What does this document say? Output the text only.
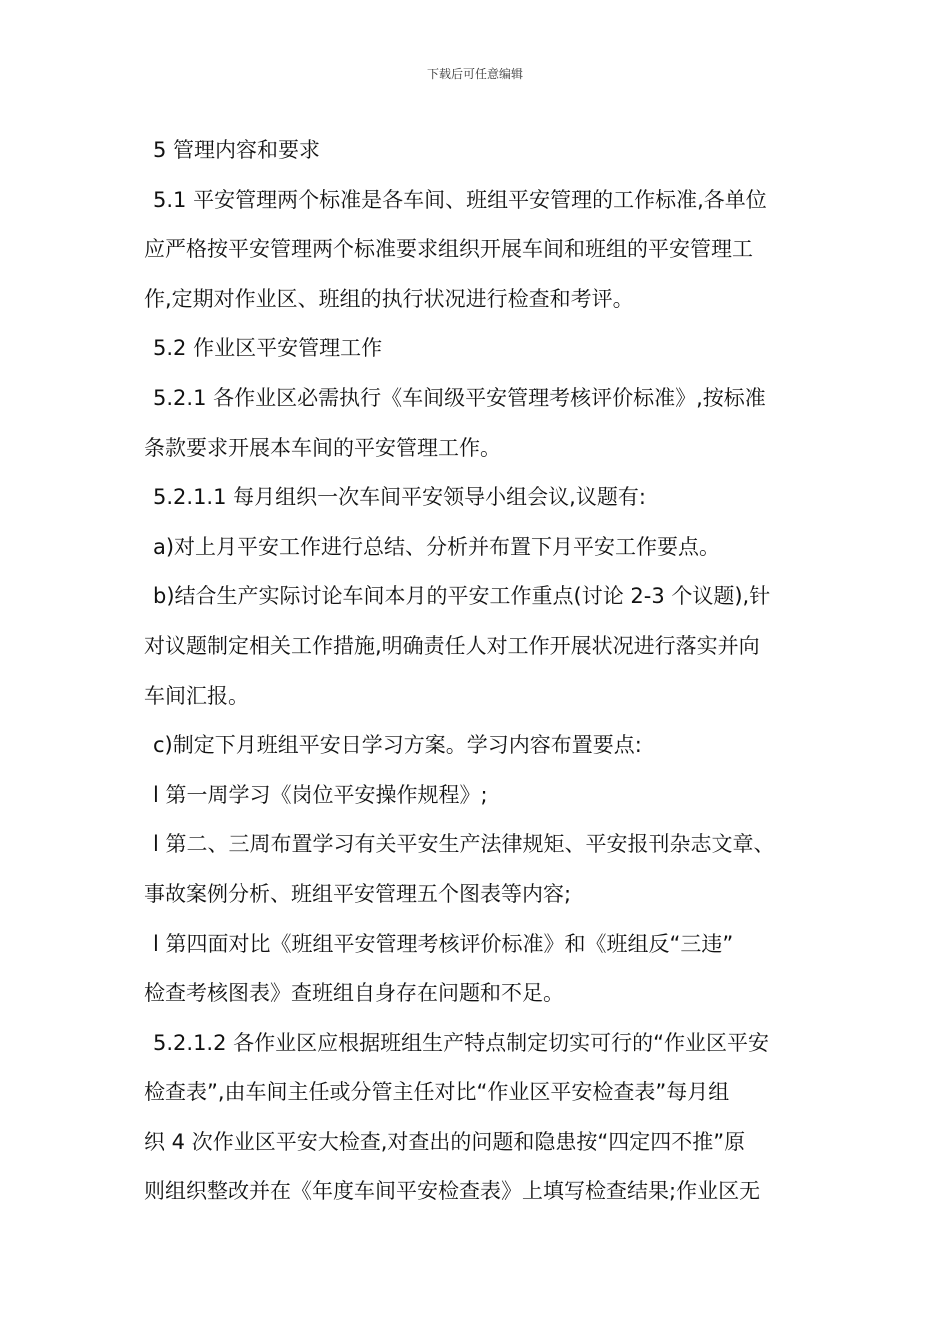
下载后可任意编辑
5 管理内容和要求
5.1 平安管理两个标准是各车间、班组平安管理的工作标准,各单位
应严格按平安管理两个标准要求组织开展车间和班组的平安管理工
作,定期对作业区、班组的执行状况进行检查和考评。
5.2 作业区平安管理工作
5.2.1 各作业区必需执行《车间级平安管理考核评价标准》,按标准
条款要求开展本车间的平安管理工作。
5.2.1.1 每月组织一次车间平安领导小组会议,议题有:
a)对上月平安工作进行总结、分析并布置下月平安工作要点。
b)结合生产实际讨论车间本月的平安工作重点(讨论 2-3 个议题),针
对议题制定相关工作措施,明确责任人对工作开展状况进行落实并向
车间汇报。
c)制定下月班组平安日学习方案。学习内容布置要点:
l 第一周学习《岗位平安操作规程》;
l 第二、三周布置学习有关平安生产法律规矩、平安报刊杂志文章、
事故案例分析、班组平安管理五个图表等内容;
l 第四面对比《班组平安管理考核评价标准》和《班组反“三违”
检查考核图表》查班组自身存在问题和不足。
5.2.1.2 各作业区应根据班组生产特点制定切实可行的“作业区平安
检查表”,由车间主任或分管主任对比“作业区平安检查表”每月组
织 4 次作业区平安大检查,对查出的问题和隐患按“四定四不推”原
则组织整改并在《年度车间平安检查表》上填写检查结果;作业区无
